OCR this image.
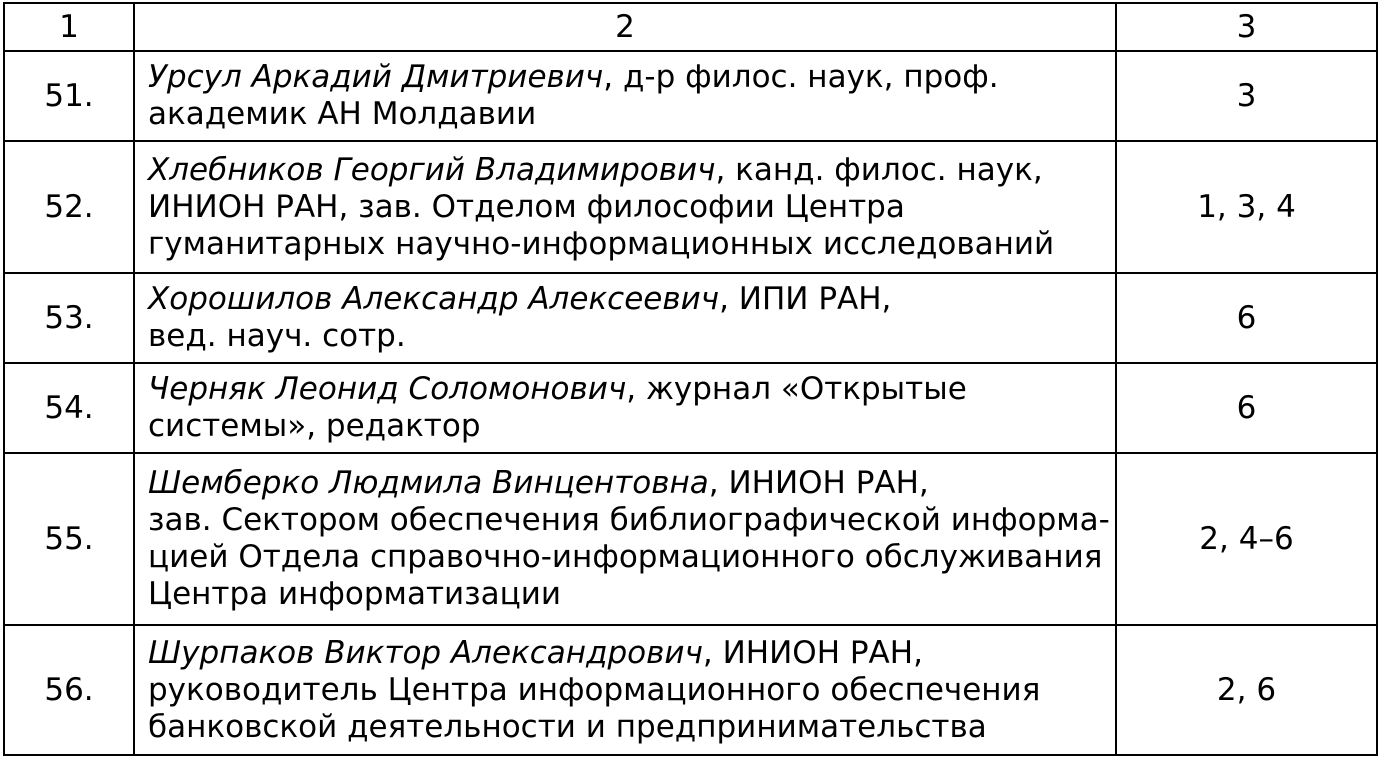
1	2	3
51.	Урсул Аркадий Дмитриевич, д-р филос. наук, проф.
академик АН Молдавии	3
52.	Хлебников Георгий Владимирович, канд. филос. наук,
ИНИОН РАН, зав. Отделом философии Центра
гуманитарных научно-информационных исследований	1, 3, 4
53.	Хорошилов Александр Алексеевич, ИПИ РАН,
вед. науч. сотр.	6
54.	Черняк Леонид Соломонович, журнал «Открытые
системы», редактор	6
55.	Шемберко Людмила Винцентовна, ИНИОН РАН,
зав. Сектором обеспечения библиографической информа-
цией Отдела справочно-информационного обслуживания
Центра информатизации	2, 4–6
56.	Шурпаков Виктор Александрович, ИНИОН РАН,
руководитель Центра информационного обеспечения
банковской деятельности и предпринимательства	2, 6
